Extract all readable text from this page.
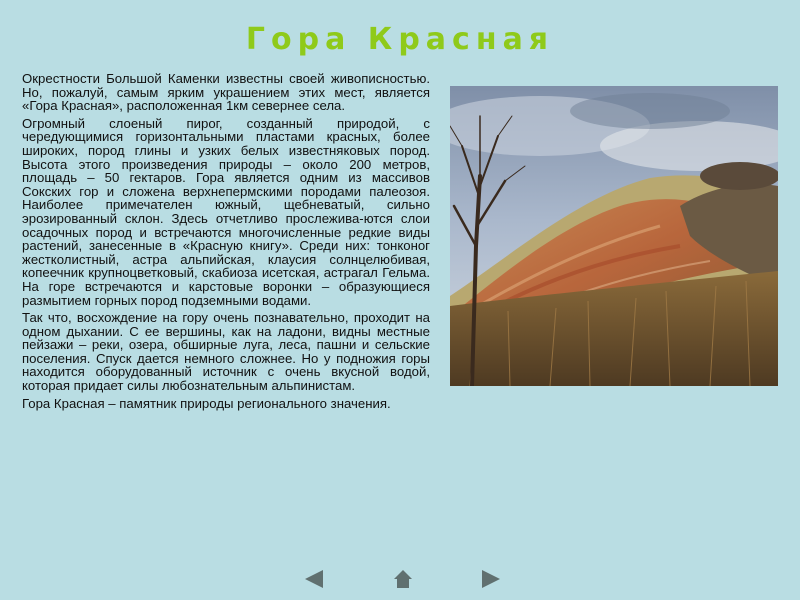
Гора Красная

Окрестности Большой Каменки известны своей живописностью. Но, пожалуй, самым ярким украшением этих мест, является «Гора Красная», расположенная 1км севернее села.

Огромный слоеный пирог, созданный природой, с чередующимися горизонтальными пластами красных, более широких, пород глины и узких белых известняковых пород. Высота этого произведения природы – около 200 метров, площадь – 50 гектаров. Гора является одним из массивов Сокских гор и сложена верхнепермскими породами палеозоя. Наиболее примечателен южный, щебневатый, сильно эрозированный склон. Здесь отчетливо прослежива-ются слои осадочных пород и встречаются многочисленные редкие виды растений, занесенные в «Красную книгу». Среди них: тонконог жестколистный, астра альпийская, клаусия солнцелюбивая, копеечник крупноцветковый, скабиоза исетская, астрагал Гельма. На горе встречаются и карстовые воронки – образующиеся размытием горных пород подземными водами.

Так что, восхождение на гору очень познавательно, проходит на одном дыхании. С ее вершины, как на ладони, видны местные пейзажи – реки, озера, обширные луга, леса, пашни и сельские поселения. Спуск дается немного сложнее. Но у подножия горы находится оборудованный источник с очень вкусной водой, которая придает силы любознательным альпинистам.

Гора Красная – памятник природы регионального значения.
